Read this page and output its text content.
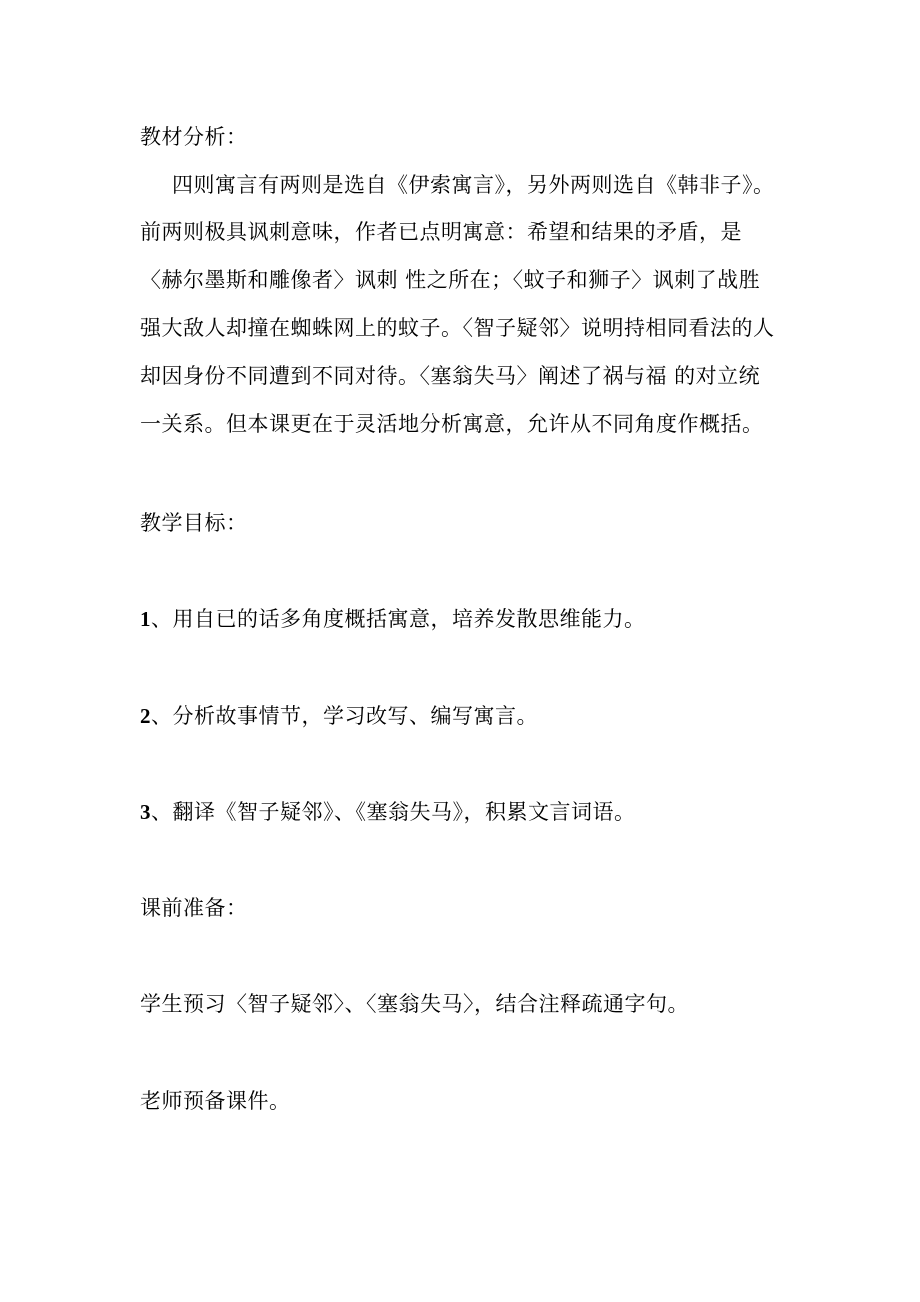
教材分析：
四则寓言有两则是选自《伊索寓言》，另外两则选自《韩非子》。
前两则极具讽刺意味，作者已点明寓意：希望和结果的矛盾，是
〈赫尔墨斯和雕像者〉讽刺 性之所在；〈蚊子和狮子〉讽刺了战胜
强大敌人却撞在蜘蛛网上的蚊子。〈智子疑邻〉说明持相同看法的人
却因身份不同遭到不同对待。〈塞翁失马〉阐述了祸与福 的对立统
一关系。但本课更在于灵活地分析寓意，允许从不同角度作概括。
教学目标：
1、用自已的话多角度概括寓意，培养发散思维能力。
2、分析故事情节，学习改写、编写寓言。
3、翻译《智子疑邻》、《塞翁失马》，积累文言词语。
课前准备：
学生预习〈智子疑邻〉、〈塞翁失马〉，结合注释疏通字句。
老师预备课件。
